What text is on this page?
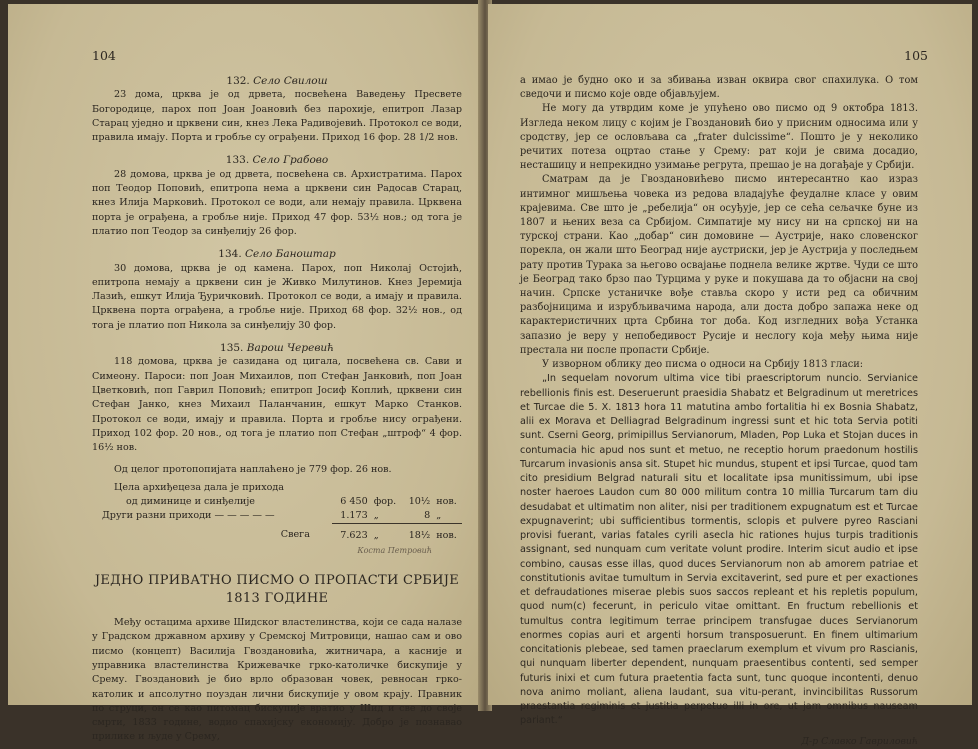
104

132. Село Свилош

23 дома, црква је од дрвета, посвећена Ваведењу Пресвете Богородице, парох поп Јоан Јоановић без парохије, епитроп Лазар Старац уједно и црквени син, кнез Лека Радивојевић. Протокол се води, правила имају. Порта и гробље су ограђени. Приход 16 фор. 28 1/2 нов.

133. Село Грабово

28 домова, црква је од дрвета, посвећена св. Архистратима. Парох поп Теодор Поповић, епитропа нема а црквени син Радосав Старац, кнез Илија Марковић. Протокол се води, али немају правила. Црквена порта је ограђена, а гробље није. Приход 47 фор. 53½ нов.; од тога је платио поп Теодор за синђелију 26 фор.

134. Село Баноштар

30 домова, црква је од камена. Парох, поп Николај Остојић, епитропа немају а црквени син је Живко Милутинов. Кнез Јеремија Лазић, ешкут Илија Ђуричковић. Протокол се води, а имају и правила. Црквена порта ограђена, а гробље није. Приход 68 фор. 32½ нов., од тога је платио поп Никола за синђелију 30 фор.

135. Варош Черевић

118 домова, црква је сазидана од цигала, посвећена св. Сави и Симеону. Пароси: поп Јоан Михаилов, поп Стефан Јанковић, поп Јоан Цветковић, поп Гаврил Поповић; епитроп Јосиф Коплић, црквени син Стефан Јанко, кнез Михаил Паланчанин, ешкут Марко Станков. Протокол се води, имају и правила. Порта и гробље нису ограђени. Приход 102 фор. 20 нов., од тога је платио поп Стефан „штроф“ 4 фор. 16½ нов.

Од целог протопопијата наплаћено је 779 фор. 26 нов.

Цела архиђецеза дала је прихода
од диминице и синђелије	6 450	фор.	10½	нов.
Други разни приходи — — — — —	1.173	„	8	„
Свега	7.623	„	18½	нов.
Коста Петровић
ЈЕДНО ПРИВАТНО ПИСМО О ПРОПАСТИ СРБИЈЕ
1813 ГОДИНЕ

Међу остацима архиве Шидског властелинства, који се сада налазе у Градском државном архиву у Сремској Митровици, нашао сам и ово писмо (концепт) Василија Гвоздановића, житничара, а касније и управника властелинства Крижевачке грко-католичке бискупије у Срему. Гвоздановић је био врло образован човек, ревносан грко-католик и апсолутно поуздан лични бискупије у овом крају. Правник по струци, он се као питомац бискупије вратио у Шид и све до своје смрти, 1833 године, водио спахијску економију. Добро је познавао прилике и људе у Срему,

105

а имао је будно око и за збивања изван оквира свог спахилука. О том сведочи и писмо које овде објављујем.

Не могу да утврдим коме је упућено ово писмо од 9 октобра 1813. Изгледа неком лицу с којим је Гвоздановић био у присним односима или у сродству, јер се ословљава са „frater dulcissime“. Пошто је у неколико речитих потеза оцртао стање у Срему: рат који је свима досадио, несташицу и непрекидно узимање регрута, прешао је на догађаје у Србији.

Сматрам да је Гвоздановићево писмо интересантно као израз интимног мишљења човека из редова владајуће феудалне класе у овим крајевима. Све што је „ребелија“ он осуђује, јер се сећа сељачке буне из 1807 и њених веза са Србијом. Симпатије му нису ни на српској ни на турској страни. Као „добар“ син домовине — Аустрије, нако словенског порекла, он жали што Београд није аустриски, јер је Аустрија у последњем рату против Турака за његово освајање поднела велике жртве. Чуди се што је Београд тако брзо пао Турцима у руке и покушава да то објасни на свој начин. Српске устаничке вође ставља скоро у исти ред са обичним разбојницима и изрубљивачима народа, али доста добро запажа неке од карактеристичних црта Србина тог доба. Код изгледних вођа Устанка запазио је веру у непобедивост Русије и неслогу која међу њима није престала ни после пропасти Србије.

У изворном облику део писма о односи на Србију 1813 гласи:

„In sequelam novorum ultima vice tibi praescriptorum nuncio. Servianice rebellionis finis est. Deseruerunt praesidia Shabatz et Belgradinum ut meretrices et Turcae die 5. X. 1813 hora 11 matutina ambo fortalitia hi ex Bosnia Shabatz, alii ex Morava et Delliagrad Belgradinum ingressi sunt et hic tota Servia potiti sunt. Cserni Georg, primipillus Servianorum, Mladen, Pop Luka et Stojan duces in contumacia hic apud nos sunt et metuo, ne receptio horum praedonum hostilis Turcarum invasionis ansa sit. Stupet hic mundus, stupent et ipsi Turcae, quod tam cito presidium Belgrad naturali situ et localitate ipsa munitissimum, ubi ipse noster haeroes Laudon cum 80 000 militum contra 10 millia Turcarum tam diu desudabat et ultimatim non aliter, nisi per traditionem expugnatum est et Turcae expugnaverint; ubi sufficientibus tormentis, sclopis et pulvere pyreo Rasciani provisi fuerant, varias fatales cyrili asecla hic rationes hujus turpis traditionis assignant, sed nunquam cum veritate volunt prodire. Interim sicut audio et ipse combino, causas esse illas, quod duces Servianorum non ab amorem patriae et constitutionis avitae tumultum in Servia excitaverint, sed pure et per exactiones et defraudationes miserae plebis suos saccos repleant et his repletis populum, quod num(c) fecerunt, in periculo vitae omittant. En fructum rebellionis et tumultus contra legitimum terrae principem transfugae duces Servianorum enormes copias auri et argenti horsum transposuerunt. En finem ultimarium concitationis plebeae, sed tamen praeclarum exemplum et vivum pro Rascianis, qui nunquam liberter dependent, nunquam praesentibus contenti, sed semper futuris inixi et cum futura praetentia facta sunt, tunc quoque incontenti, denuo nova animo moliant, aliena laudant, sua vitu-perant, invincibilitas Russorum praestantia regiminis et justitia perpetuo illi in ore, ut jam omnibus nauseam pariant.“

Д-р Славко Гавриловић
